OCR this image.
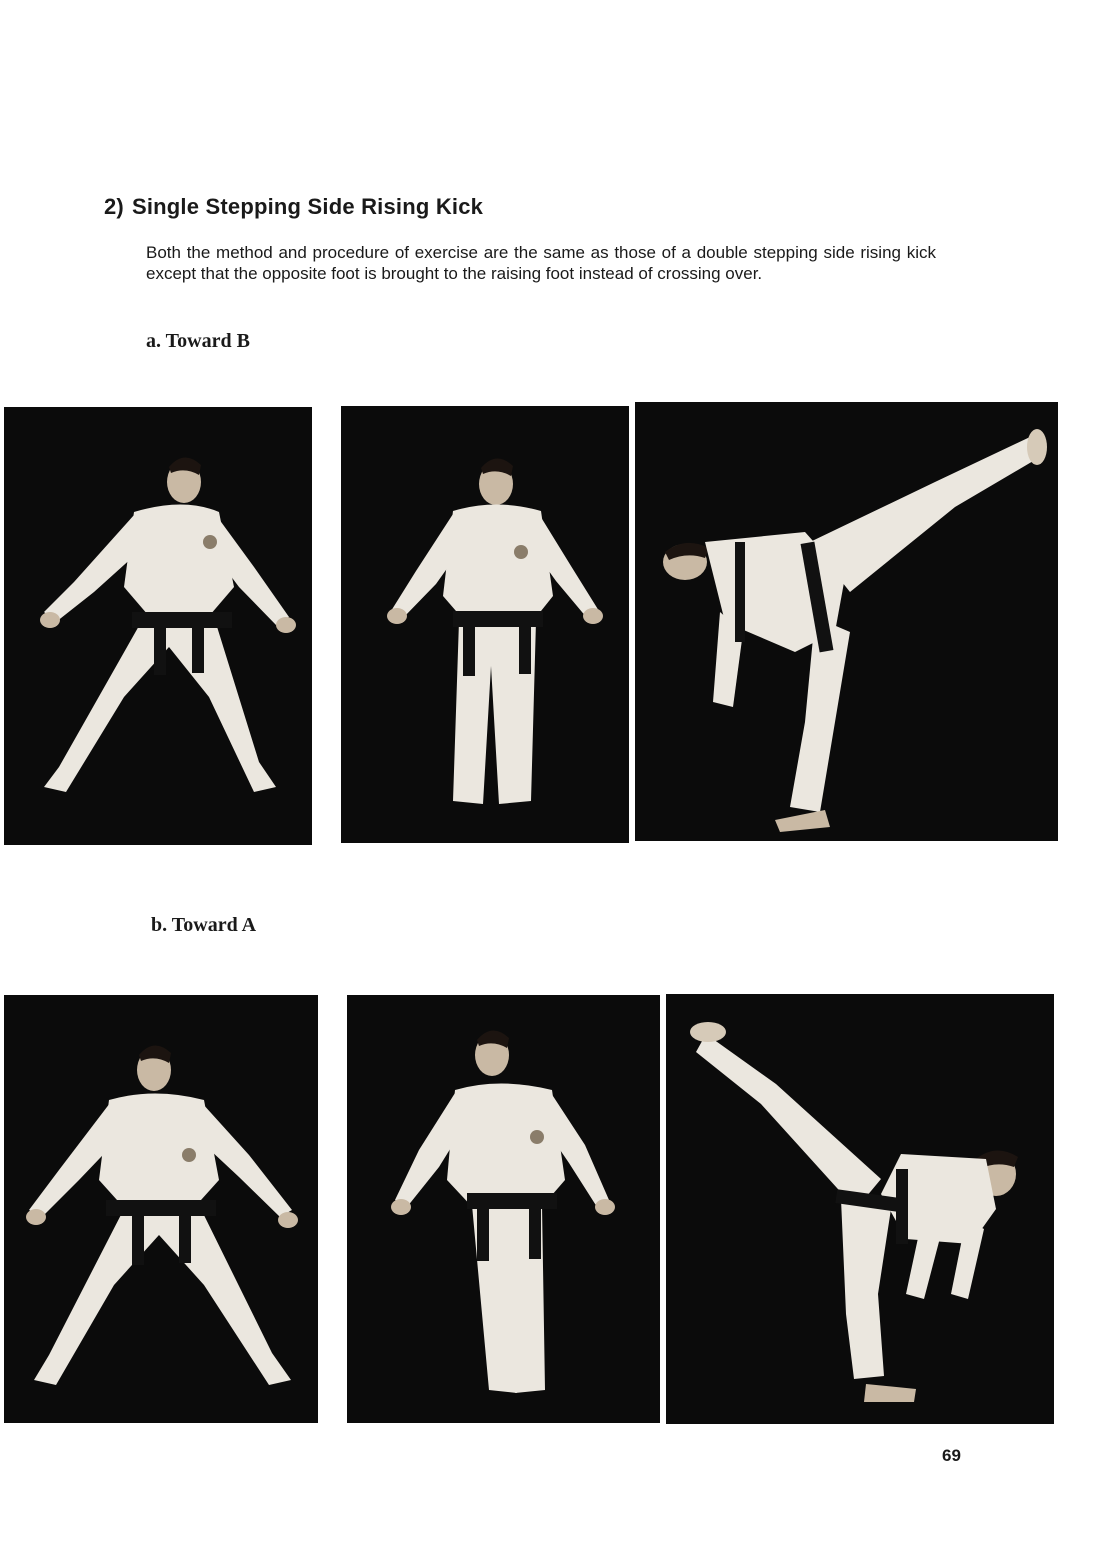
2) Single Stepping Side Rising Kick

Both the method and procedure of exercise are the same as those of a double stepping side rising kick except that the opposite foot is brought to the raising foot instead of crossing over.

a. Toward B

b. Toward A

69
